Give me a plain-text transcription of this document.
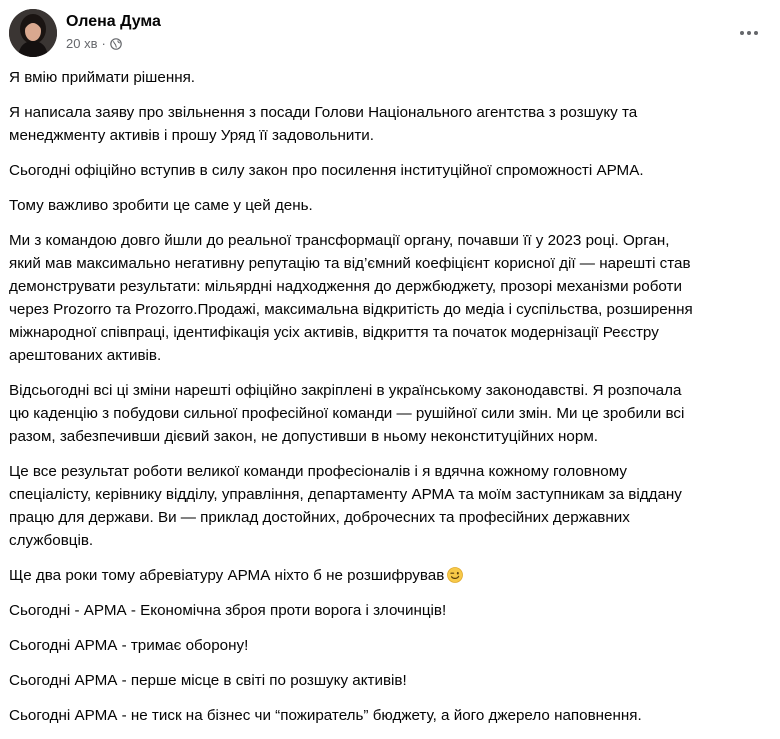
Олена Дума
20 хв ·

Я вмію приймати рішення.

Я написала заяву про звільнення з посади Голови Національного агентства з розшуку та
менеджменту активів і прошу Уряд її задовольнити.

Сьогодні офіційно вступив в силу закон про посилення інституційної спроможності АРМА.

Тому важливо зробити це саме у цей день.

Ми з командою довго йшли до реальної трансформації органу, почавши її у 2023 році. Орган,
який мав максимально негативну репутацію та від’ємний коефіцієнт корисної дії — нарешті став
демонструвати результати: мільярдні надходження до держбюджету, прозорі механізми роботи
через Prozorro та Prozorro.Продажі, максимальна відкритість до медіа і суспільства, розширення
міжнародної співпраці, ідентифікація усіх активів, відкриття та початок модернізації Реєстру
арештованих активів.

Відсьогодні всі ці зміни нарешті офіційно закріплені в українському законодавстві. Я розпочала
цю каденцію з побудови сильної професійної команди — рушійної сили змін. Ми це зробили всі
разом, забезпечивши дієвий закон, не допустивши в ньому неконституційних норм.

Це все результат роботи великої команди професіоналів і я вдячна кожному головному
спеціалісту, керівнику відділу, управління, департаменту АРМА та моїм заступникам за віддану
працю для держави. Ви — приклад достойних, доброчесних та професійних державних
службовців.

Ще два роки тому абревіатуру АРМА ніхто б не розшифрував

Сьогодні - АРМА - Економічна зброя проти ворога і злочинців!

Сьогодні АРМА - тримає оборону!

Сьогодні АРМА - перше місце в світі по розшуку активів!

Сьогодні АРМА - не тиск на бізнес чи “пожиратель” бюджету, а його джерело наповнення.
